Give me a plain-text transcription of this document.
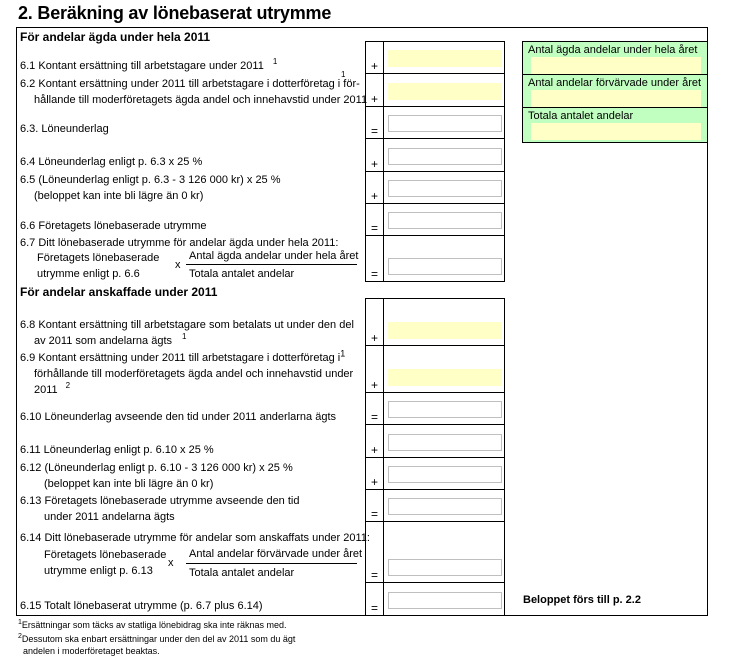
2. Beräkning av lönebaserat utrymme
För andelar ägda under hela 2011
6.1 Kontant ersättning till arbetstagare under 2011 $^1$
6.2 Kontant ersättning under 2011 till arbetstagare i dotterföretag i för-
hållande till moderföretagets ägda andel och innehavstid under 2011
1
6.3. Löneunderlag
6.4 Löneunderlag enligt p. 6.3 x 25 %
6.5 (Löneunderlag enligt p. 6.3 - 3 126 000 kr) x 25 %
(beloppet kan inte bli lägre än 0 kr)
6.6 Företagets lönebaserade utrymme
6.7 Ditt lönebaserade utrymme för andelar ägda under hela 2011:
Företagets lönebaserade
utrymme enligt p. 6.6
x
Antal ägda andelar under hela året
Totala antalet andelar
+
+
=
+
+
=
=
För andelar anskaffade under 2011
6.8 Kontant ersättning till arbetstagare som betalats ut under den del
av 2011 som andelarna ägts $^1$
6.9 Kontant ersättning under 2011 till arbetstagare i dotterföretag i$^1$
förhållande till moderföretagets ägda andel och innehavstid under
2011 $^2$
6.10 Löneunderlag avseende den tid under 2011 anderlarna ägts
6.11 Löneunderlag enligt p. 6.10 x 25 %
6.12 (Löneunderlag enligt p. 6.10 - 3 126 000 kr) x 25 %
(beloppet kan inte bli lägre än 0 kr)
6.13 Företagets lönebaserade utrymme avseende den tid
under 2011 andelarna ägts
6.14 Ditt lönebaserade utrymme för andelar som anskaffats under 2011:
Företagets lönebaserade
utrymme enligt p. 6.13
x
Antal andelar förvärvade under året
Totala antalet andelar
6.15 Totalt lönebaserat utrymme (p. 6.7 plus 6.14)
+
+
=
+
+
=
=
=
Antal ägda andelar under hela året
Antal andelar förvärvade under året
Totala antalet andelar
Beloppet förs till p. 2.2
$^1$Ersättningar som täcks av statliga lönebidrag ska inte räknas med.
$^2$Dessutom ska enbart ersättningar under den del av 2011 som du ägt
andelen i moderföretaget beaktas.
